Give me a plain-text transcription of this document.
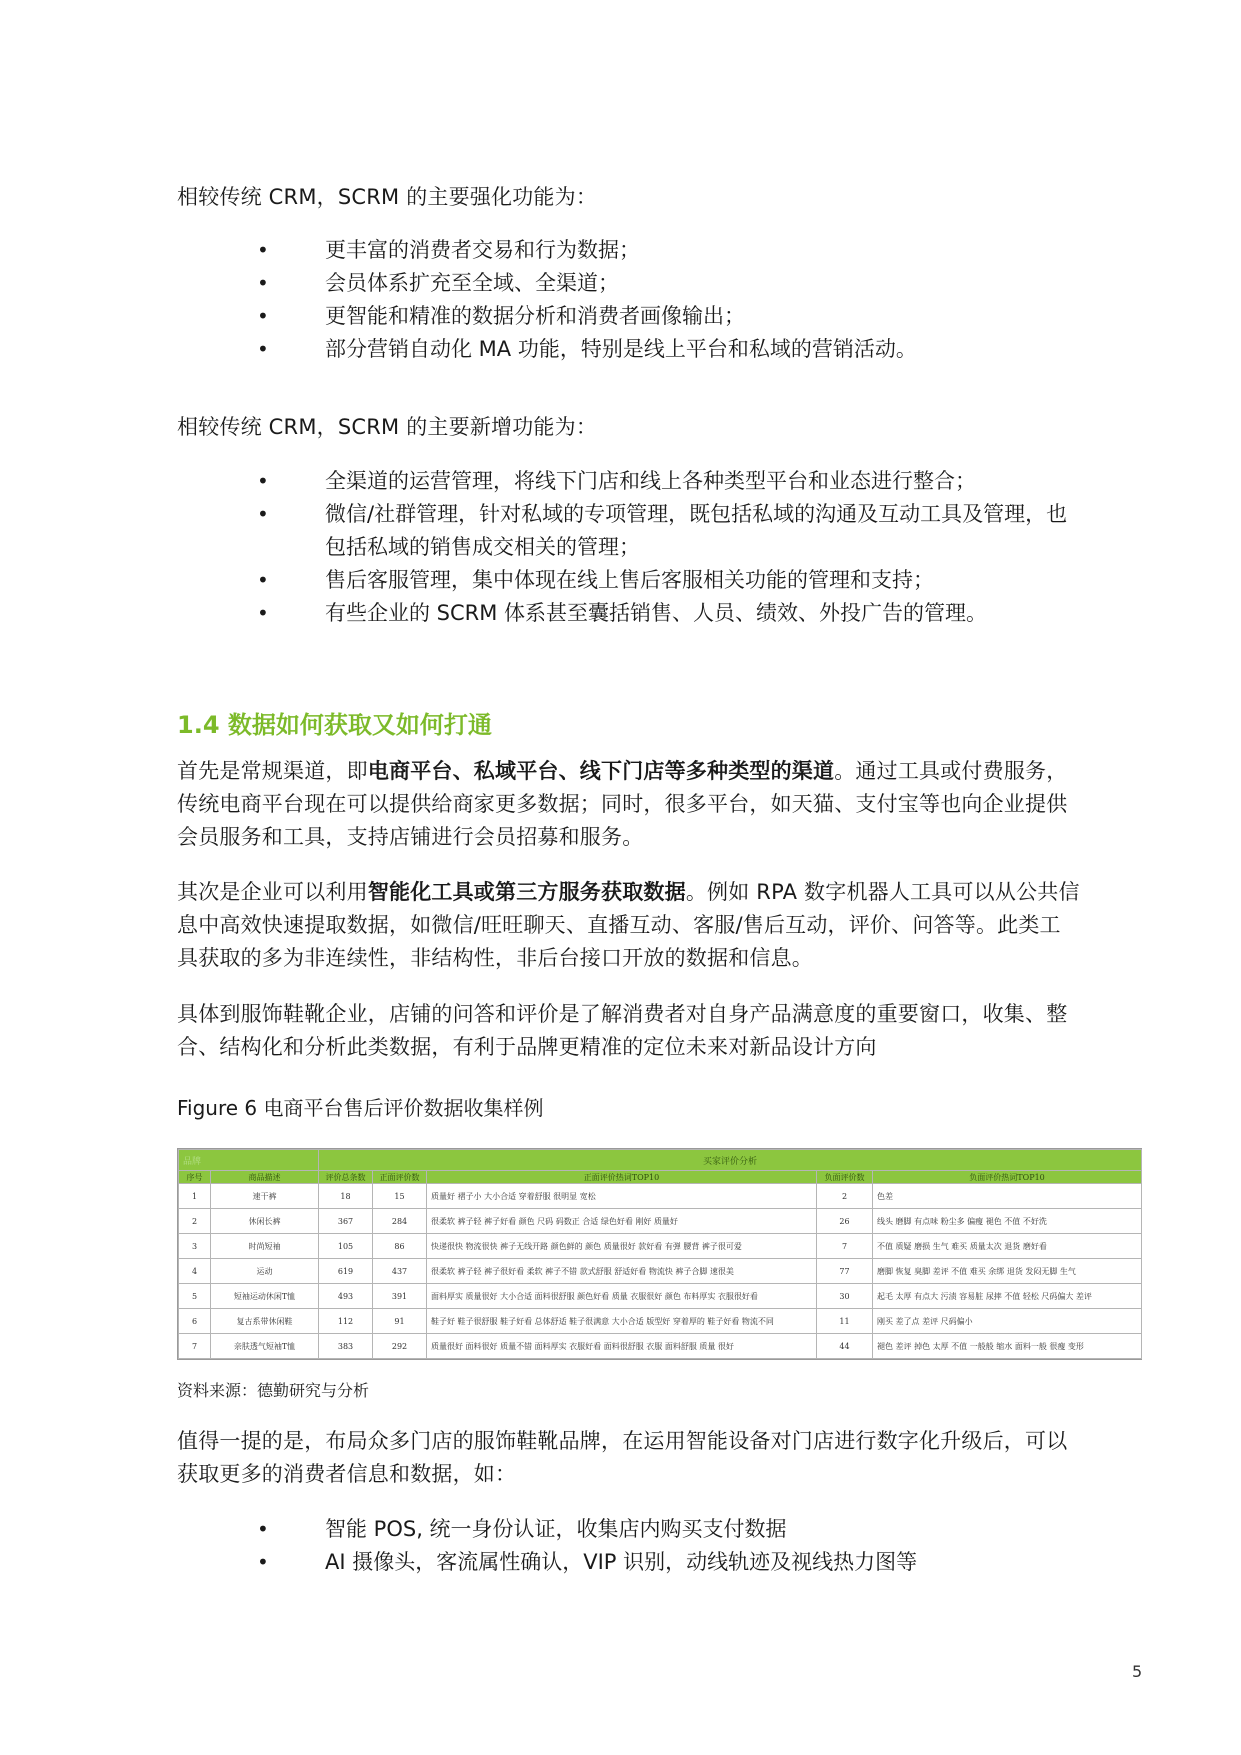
相较传统 CRM，SCRM 的主要强化功能为：

•	更丰富的消费者交易和行为数据；
•	会员体系扩充至全域、全渠道；
•	更智能和精准的数据分析和消费者画像输出；
•	部分营销自动化 MA 功能，特别是线上平台和私域的营销活动。

相较传统 CRM，SCRM 的主要新增功能为：

•	全渠道的运营管理，将线下门店和线上各种类型平台和业态进行整合；
•	微信/社群管理，针对私域的专项管理，既包括私域的沟通及互动工具及管理，也
包括私域的销售成交相关的管理；
•	售后客服管理，集中体现在线上售后客服相关功能的管理和支持；
•	有些企业的 SCRM 体系甚至囊括销售、人员、绩效、外投广告的管理。
1.4 数据如何获取又如何打通

首先是常规渠道，即电商平台、私域平台、线下门店等多种类型的渠道。通过工具或付费服务，

传统电商平台现在可以提供给商家更多数据；同时，很多平台，如天猫、支付宝等也向企业提供

会员服务和工具，支持店铺进行会员招募和服务。

其次是企业可以利用智能化工具或第三方服务获取数据。例如 RPA 数字机器人工具可以从公共信

息中高效快速提取数据，如微信/旺旺聊天、直播互动、客服/售后互动，评价、问答等。此类工

具获取的多为非连续性，非结构性，非后台接口开放的数据和信息。

具体到服饰鞋靴企业，店铺的问答和评价是了解消费者对自身产品满意度的重要窗口，收集、整

合、结构化和分析此类数据，有利于品牌更精准的定位未来对新品设计方向

Figure 6 电商平台售后评价数据收集样例

品牌		买家评价分析				
序号	商品描述	评价总条数	正面评价数	正面评价热词TOP10	负面评价数	负面评价热词TOP10
1	速干裤	18	15	质量好 褶子小 大小合适 穿着舒服 很明显 宽松	2	色差
2	休闲长裤	367	284	很柔软 裤子轻 裤子好看 颜色 尺码 码数正 合适 绿色好看 刚好 质量好	26	线头 磨脚 有点味 粉尘多 偏瘦 褪色 不值 不好洗
3	时尚短袖	105	86	快递很快 物流很快 裤子无线开路 颜色鲜的 颜色 质量很好 款好看 有弹 腰背 裤子很可爱	7	不值 质疑 磨损 生气 难买 质量太次 退货 磨好看
4	运动	619	437	很柔软 裤子轻 裤子很好看 柔软 裤子不错 款式舒服 舒适好看 物流快 裤子合脚 速很美	77	磨脚 恢复 臭脚 差评 不值 难买 余绑 退货 发闷无脚 生气
5	短袖运动休闲T恤	493	391	面料厚实 质量很好 大小合适 面料很舒服 颜色好看 质量 衣服很好 颜色 布料厚实 衣服很好看	30	起毛 太厚 有点大 污渍 容易脏 尿摔 不值 轻松 尺码偏大 差评
6	复古系带休闲鞋	112	91	鞋子好 鞋子很舒服 鞋子好看 总体舒适 鞋子很满意 大小合适 版型好 穿着厚的 鞋子好看 物流不同	11	刚买 差了点 差评 尺码偏小
7	亲肤透气短袖T恤	383	292	质量很好 面料很好 质量不错 面料厚实 衣服好看 面料很舒服 衣服 面料舒服 质量 很好	44	褪色 差评 掉色 太厚 不值 一般般 缩水 面料一般 很瘦 变形

资料来源：德勤研究与分析

值得一提的是，布局众多门店的服饰鞋靴品牌，在运用智能设备对门店进行数字化升级后，可以

获取更多的消费者信息和数据，如：

•	智能 POS, 统一身份认证，收集店内购买支付数据
•	AI 摄像头，客流属性确认，VIP 识别，动线轨迹及视线热力图等
5
